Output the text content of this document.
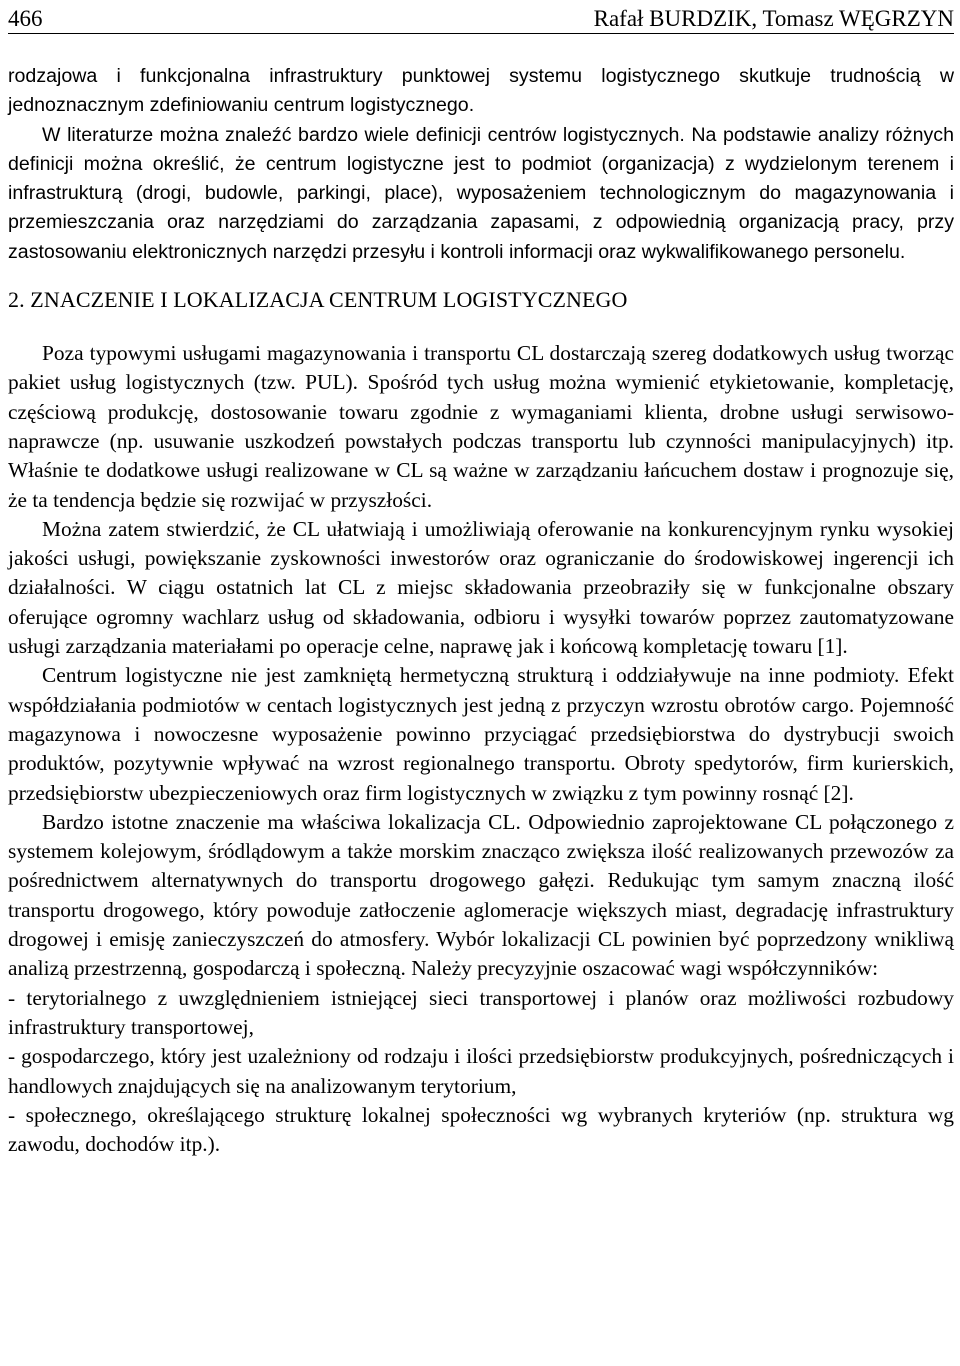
466	Rafał BURDZIK, Tomasz WĘGRZYN

rodzajowa i funkcjonalna infrastruktury punktowej systemu logistycznego skutkuje trudnością w jednoznacznym zdefiniowaniu centrum logistycznego.

W literaturze można znaleźć bardzo wiele definicji centrów logistycznych. Na podstawie analizy różnych definicji można określić, że centrum logistyczne jest to podmiot (organizacja) z wydzielonym terenem i infrastrukturą (drogi, budowle, parkingi, place), wyposażeniem technologicznym do magazynowania i przemieszczania oraz narzędziami do zarządzania zapasami, z odpowiednią organizacją pracy, przy zastosowaniu elektronicznych narzędzi przesyłu i kontroli informacji oraz wykwalifikowanego personelu.

2. ZNACZENIE I LOKALIZACJA CENTRUM LOGISTYCZNEGO

Poza typowymi usługami magazynowania i transportu CL dostarczają szereg dodatkowych usług tworząc pakiet usług logistycznych (tzw. PUL). Spośród tych usług można wymienić etykietowanie, kompletację, częściową produkcję, dostosowanie towaru zgodnie z wymaganiami klienta, drobne usługi serwisowo-naprawcze (np. usuwanie uszkodzeń powstałych podczas transportu lub czynności manipulacyjnych) itp. Właśnie te dodatkowe usługi realizowane w CL są ważne w zarządzaniu łańcuchem dostaw i prognozuje się, że ta tendencja będzie się rozwijać w przyszłości.

Można zatem stwierdzić, że CL ułatwiają i umożliwiają oferowanie na konkurencyjnym rynku wysokiej jakości usługi, powiększanie zyskowności inwestorów oraz ograniczanie do środowiskowej ingerencji ich działalności. W ciągu ostatnich lat CL z miejsc składowania przeobraziły się w funkcjonalne obszary oferujące ogromny wachlarz usług od składowania, odbioru i wysyłki towarów poprzez zautomatyzowane usługi zarządzania materiałami po operacje celne, naprawę jak i końcową kompletację towaru [1].

Centrum logistyczne nie jest zamkniętą hermetyczną strukturą i oddziaływuje na inne podmioty. Efekt współdziałania podmiotów w centach logistycznych jest jedną z przyczyn wzrostu obrotów cargo. Pojemność magazynowa i nowoczesne wyposażenie powinno przyciągać przedsiębiorstwa do dystrybucji swoich produktów, pozytywnie wpływać na wzrost regionalnego transportu. Obroty spedytorów, firm kurierskich, przedsiębiorstw ubezpieczeniowych oraz firm logistycznych w związku z tym powinny rosnąć [2].

Bardzo istotne znaczenie ma właściwa lokalizacja CL. Odpowiednio zaprojektowane CL połączonego z systemem kolejowym, śródlądowym a także morskim znacząco zwiększa ilość realizowanych przewozów za pośrednictwem alternatywnych do transportu drogowego gałęzi. Redukując tym samym znaczną ilość transportu drogowego, który powoduje zatłoczenie aglomeracje większych miast, degradację infrastruktury drogowej i emisję zanieczyszczeń do atmosfery. Wybór lokalizacji CL powinien być poprzedzony wnikliwą analizą przestrzenną, gospodarczą i społeczną. Należy precyzyjnie oszacować wagi współczynników:

- terytorialnego z uwzględnieniem istniejącej sieci transportowej i planów oraz możliwości rozbudowy infrastruktury transportowej,

- gospodarczego, który jest uzależniony od rodzaju i ilości przedsiębiorstw produkcyjnych, pośredniczących i handlowych znajdujących się na analizowanym terytorium,

- społecznego, określającego strukturę lokalnej społeczności wg wybranych kryteriów (np. struktura wg zawodu, dochodów itp.).
